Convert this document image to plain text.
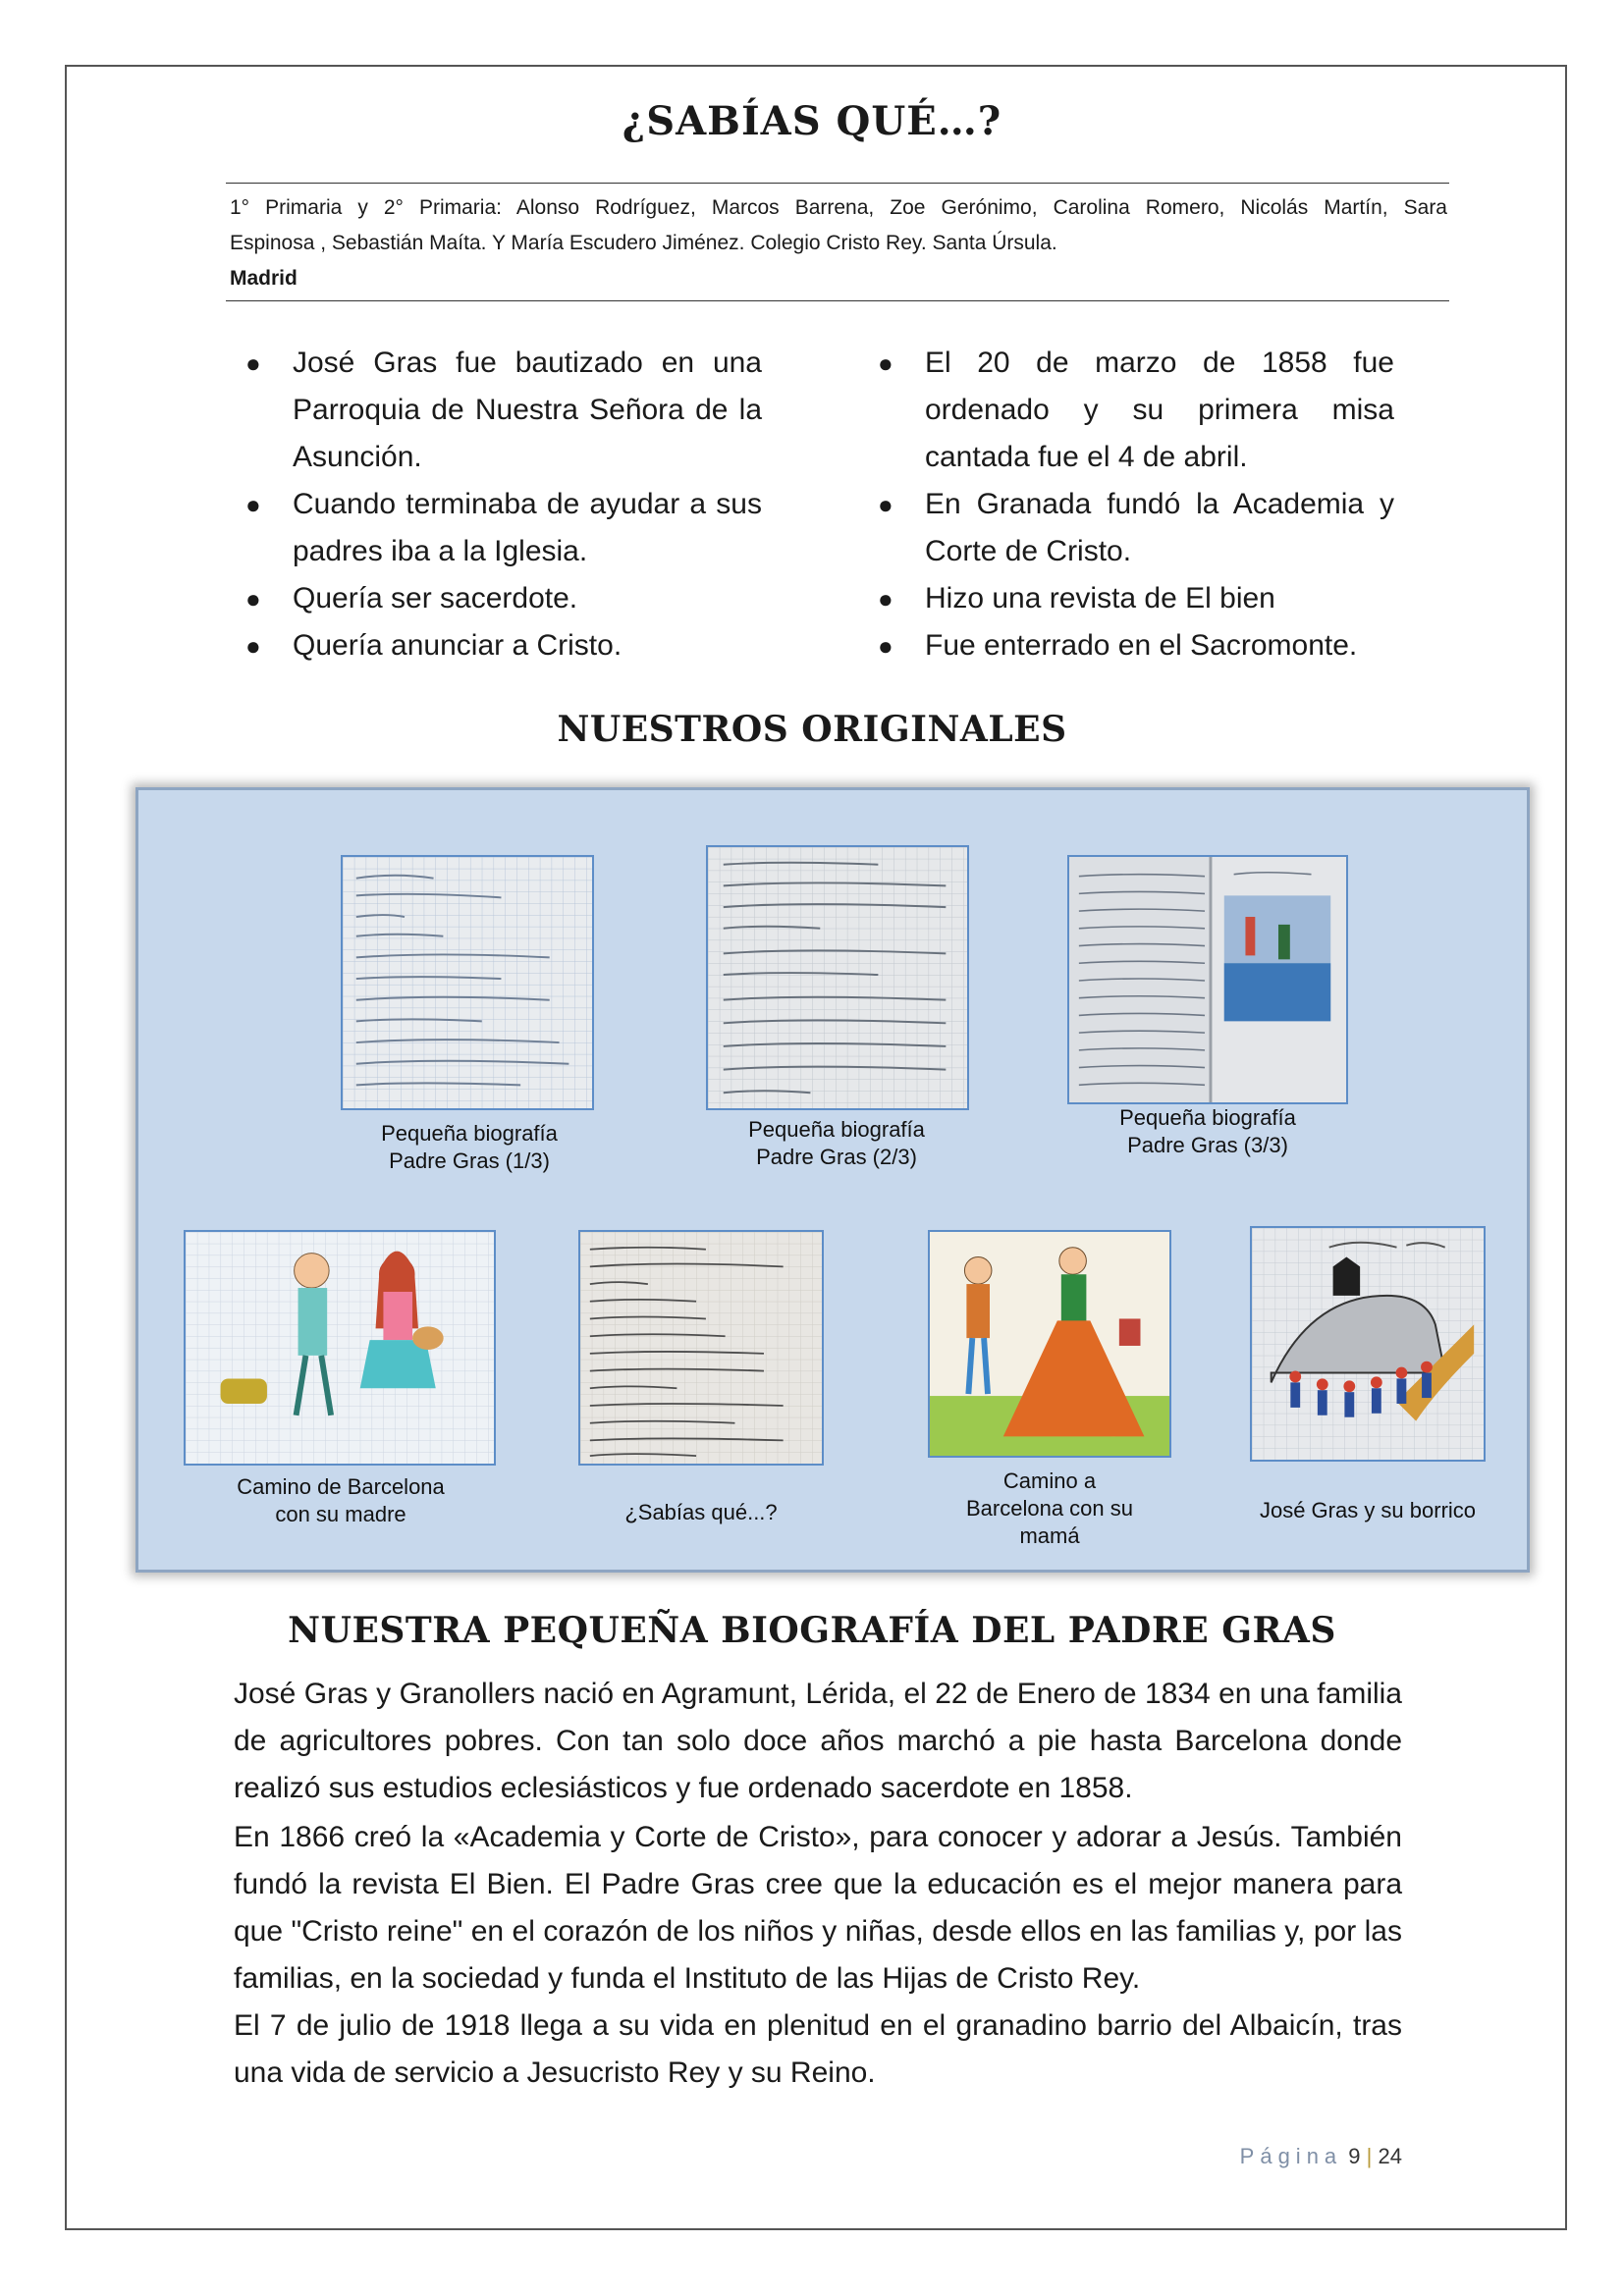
¿SABÍAS QUÉ…?
1° Primaria y 2° Primaria: Alonso Rodríguez, Marcos Barrena, Zoe Gerónimo, Carolina Romero, Nicolás Martín, Sara
Espinosa , Sebastián Maíta. Y María Escudero Jiménez. Colegio Cristo Rey. Santa Úrsula.
Madrid
● José Gras fue bautizado en una Parroquia de Nuestra Señora de la Asunción.
● Cuando terminaba de ayudar a sus padres iba a la Iglesia.
● Quería ser sacerdote.
● Quería anunciar a Cristo.
● El 20 de marzo de 1858 fue ordenado y su primera misa cantada fue el 4 de abril.
● En Granada fundó la Academia y Corte de Cristo.
● Hizo una revista de El bien
● Fue enterrado en el Sacromonte.
NUESTROS ORIGINALES
Pequeña biografía Padre Gras (1/3)
Pequeña biografía Padre Gras (2/3)
Pequeña biografía Padre Gras (3/3)
Camino de Barcelona con su madre	¿Sabías qué...?
Camino a Barcelona con su mamá
José Gras y su borrico
NUESTRA PEQUEÑA BIOGRAFÍA DEL PADRE GRAS

José Gras y Granollers nació en Agramunt, Lérida, el 22 de Enero de 1834 en una familia de agricultores pobres. Con tan solo doce años marchó a pie hasta Barcelona donde realizó sus estudios eclesiásticos y fue ordenado sacerdote en 1858.

En 1866 creó la «Academia y Corte de Cristo», para conocer y adorar a Jesús. También fundó la revista El Bien. El Padre Gras cree que la educación es el mejor manera para que "Cristo reine" en el corazón de los niños y niñas, desde ellos en las familias y, por las familias, en la sociedad y funda el Instituto de las Hijas de Cristo Rey.

El 7 de julio de 1918 llega a su vida en plenitud en el granadino barrio del Albaicín, tras una vida de servicio a Jesucristo Rey y su Reino.

Página 9 | 24
